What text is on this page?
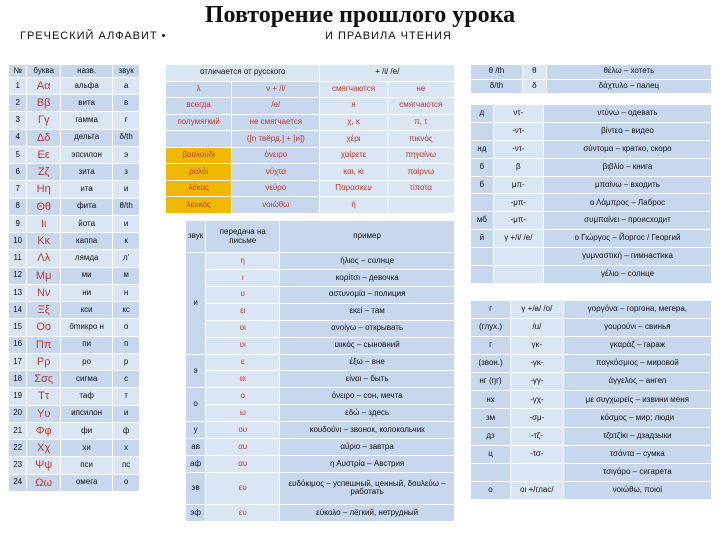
Повторение прошлого урока
ГРЕЧЕСКИЙ АЛФАВИТ •	И ПРАВИЛА ЧТЕНИЯ
№	буква	назв.	звук
1	Αα	альфа	а
2	Ββ	вита	в
3	Γγ	гамма	г
4	Δδ	дельта	δ/th
5	Εε	эпсилон	э
6	Ζζ	зита	з
7	Ηη	ита	и
8	Θθ	фита	θ/th
9	Ιι	йота	и
10	Κκ	каппа	к
11	Λλ	лямда	л'
12	Μμ	ми	м
13	Νν	ни	н
14	Ξξ	кси	кс
15	Οο	ômикро н	о
16	Ππ	пи	п
17	Ρρ	ро	р
18	Σσς	сигма	с
19	Ττ	таф	т
20	Υυ	ипсилон	и
21	Φφ	фи	ф
22	Χχ	хи	х
23	Ψψ	пси	пс
24	Ωω	омега	о
отличается от русского		+ /i/ /e/	
λ	ν + /i/	смягчаются	не
всегда	/e/	я	смягчаются
полумягкий	не смягчается	χ, κ	π, τ
	([n твёрд.] + [и])	χέρι	πικνός
βουλούδι	όνειρο	χαίρετε	πηγαίνω
ρολόι	νύχτα	και, κι	παίρνω
λύκος	νεύρο	Παρασκευ	τίποτα
λευκός	νοιώθω	ή	
звук	передача на письме	пример
и	η	ήλιος – солнце
	ι	κορίτσι – девочка
	υ	αστυνομία – полиция
	ει	εκεί – там
	οι	ανοίγω – открывать
	υι	υιικός – сыновний
э	ε	έξω – вне
	αι	είναι – быть
о	ο	όνειρο – сон, мечта
	ω	εδώ – здесь
у	ου	κουδούνι – звонок, колокольчик
ав	αυ	αύριο – завтра
аф	αυ	η Αυστρία – Австрия
эв	ευ	ευδόκιμος – успешный, ценный, δουλεύω – работать
эф	ευ	εύκολο – лёгкий, нетрудный
θ /th	θ	θέλω – хотеть
δ/th	δ	δάχτυλο – палец
д	ντ-	ντύνω – одевать
	-ντ-	βίντεο – видео
нд	-ντ-	σύντομα – кратко, скоро
б	β	βιβλίο – книга
б	μπ-	μπαίνω – входить
	-μπ-	ο Λάμπρος – Лаброс
мб	-μπ-	συμπαίνει – происходит
й	γ +/i/ /e/	ο Γιώργος – Йоргос / Георгий
		γυμναστική – гимнастика
		γέλιο – солнце
г	γ +/a/ /o/	γοργόνα – горгона, мегера,
(глух.)	/u/	γουρούνι – свинья
г	γκ-	γκαράζ – гараж
(звон.)	-γκ-	παγκόσμιος – мировой
нг (ŋг)	-γγ-	άγγελος – ангел
нх	-γχ-	με συγχωρείς – извини меня
зм	-σμ-	κόσμος – мир; люди
дз	-τζ-	τζατζίκι – дзадзыки
ц	-τσ-	τσάντα – сумка
		τσιγάρο – сигарета
о	οι +/глас/	νοιώθω, ποιοί
